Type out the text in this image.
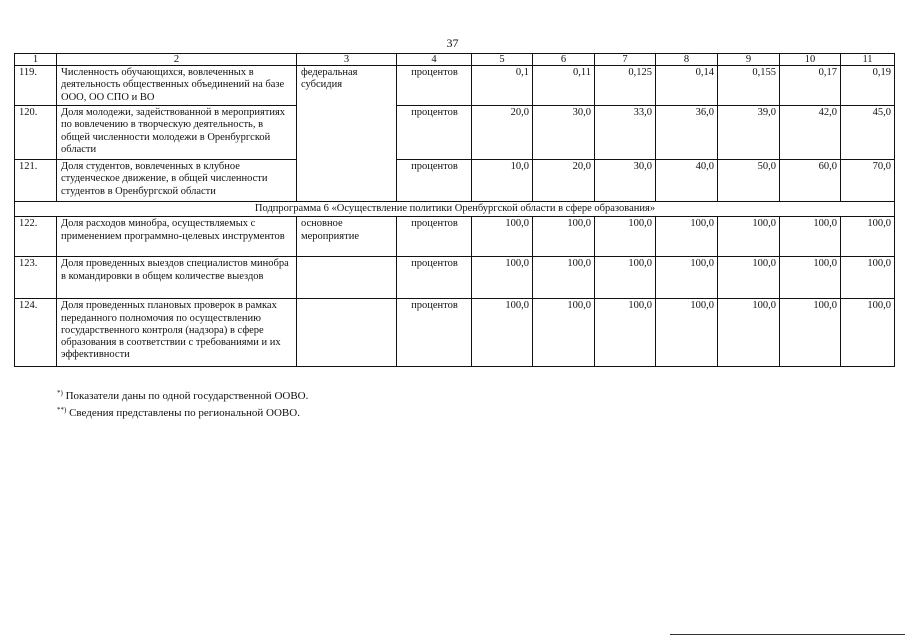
37
1	2	3	4	5	6	7	8	9	10	11
119.	Численность обучающихся, вовлеченных в деятельность общественных объединений на базе ООО, ОО СПО и ВО	федеральная субсидия	процентов	0,1	0,11	0,125	0,14	0,155	0,17	0,19
120.	Доля молодежи, задействованной в мероприятиях по вовлечению в творческую деятельность, в общей численности молодежи в Оренбургской области		процентов	20,0	30,0	33,0	36,0	39,0	42,0	45,0
121.	Доля студентов, вовлеченных в клубное студенческое движение, в общей численности студентов в Оренбургской области		процентов	10,0	20,0	30,0	40,0	50,0	60,0	70,0
Подпрограмма 6 «Осуществление политики Оренбургской области в сфере образования»										
122.	Доля расходов минобра, осуществляемых с применением программно-целевых инструментов	основное мероприятие	процентов	100,0	100,0	100,0	100,0	100,0	100,0	100,0
123.	Доля проведенных выездов специалистов минобра в командировки в общем количестве выездов		процентов	100,0	100,0	100,0	100,0	100,0	100,0	100,0
124.	Доля проведенных плановых проверок в рамках переданного полномочия по осуществлению государственного контроля (надзора) в сфере образования в соответствии с требованиями и их эффективности		процентов	100,0	100,0	100,0	100,0	100,0	100,0	100,0
*) Показатели даны по одной государственной ООВО.
**) Сведения представлены по региональной ООВО.
